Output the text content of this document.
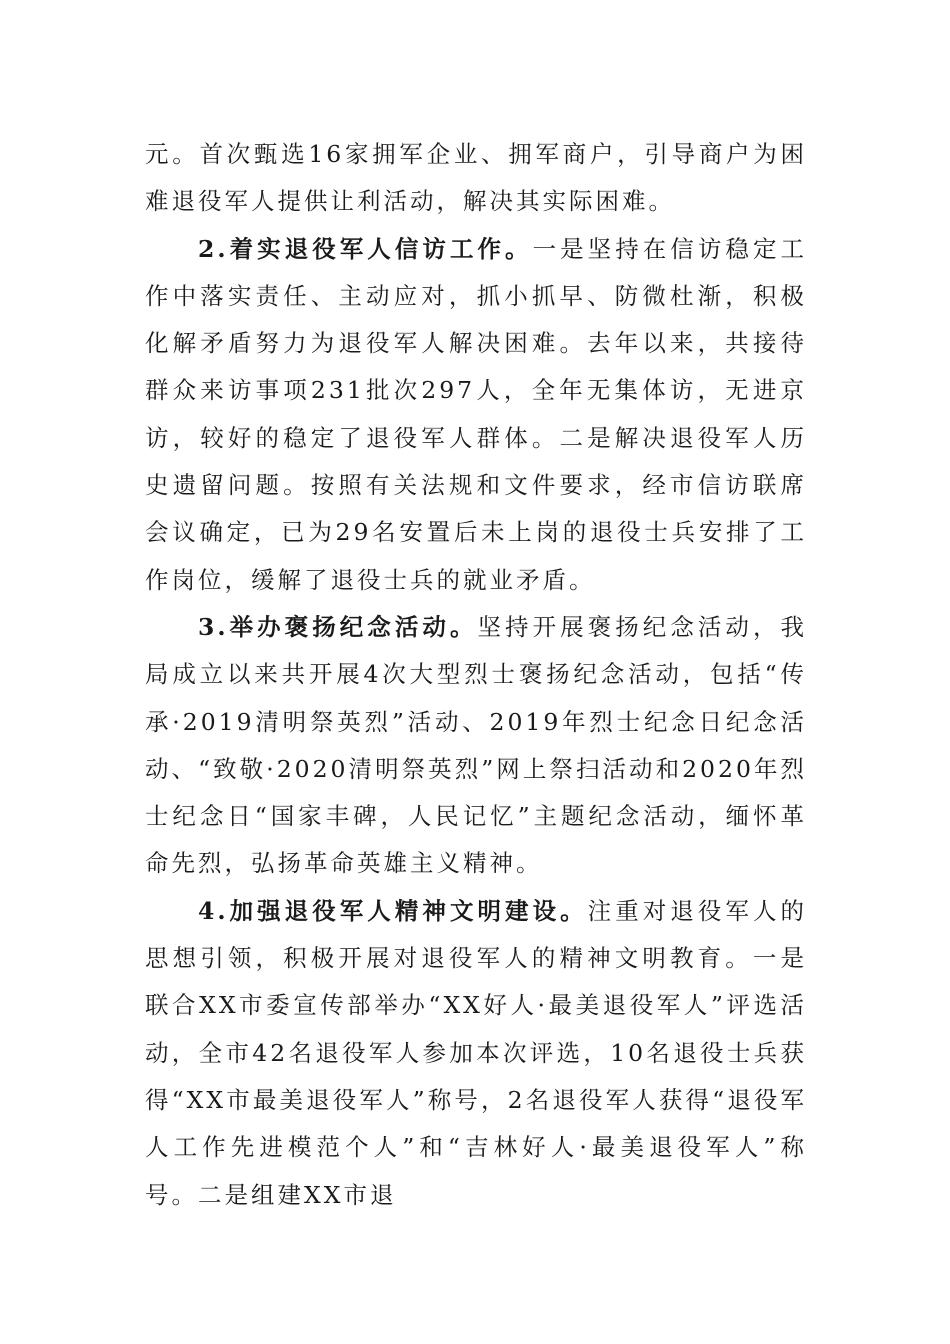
元。首次甄选16家拥军企业、拥军商户，引导商户为困难退役军人提供让利活动，解决其实际困难。

2.着实退役军人信访工作。一是坚持在信访稳定工作中落实责任、主动应对，抓小抓早、防微杜渐，积极化解矛盾努力为退役军人解决困难。去年以来，共接待群众来访事项231批次297人，全年无集体访，无进京访，较好的稳定了退役军人群体。二是解决退役军人历史遗留问题。按照有关法规和文件要求，经市信访联席会议确定，已为29名安置后未上岗的退役士兵安排了工作岗位，缓解了退役士兵的就业矛盾。

3.举办褒扬纪念活动。坚持开展褒扬纪念活动，我局成立以来共开展4次大型烈士褒扬纪念活动，包括“传承·2019清明祭英烈”活动、2019年烈士纪念日纪念活动、“致敬·2020清明祭英烈”网上祭扫活动和2020年烈士纪念日“国家丰碑，人民记忆”主题纪念活动，缅怀革命先烈，弘扬革命英雄主义精神。

4.加强退役军人精神文明建设。注重对退役军人的思想引领，积极开展对退役军人的精神文明教育。一是联合XX市委宣传部举办“XX好人·最美退役军人”评选活动，全市42名退役军人参加本次评选，10名退役士兵获得“XX市最美退役军人”称号，2名退役军人获得“退役军人工作先进模范个人”和“吉林好人·最美退役军人”称号。二是组建XX市退
